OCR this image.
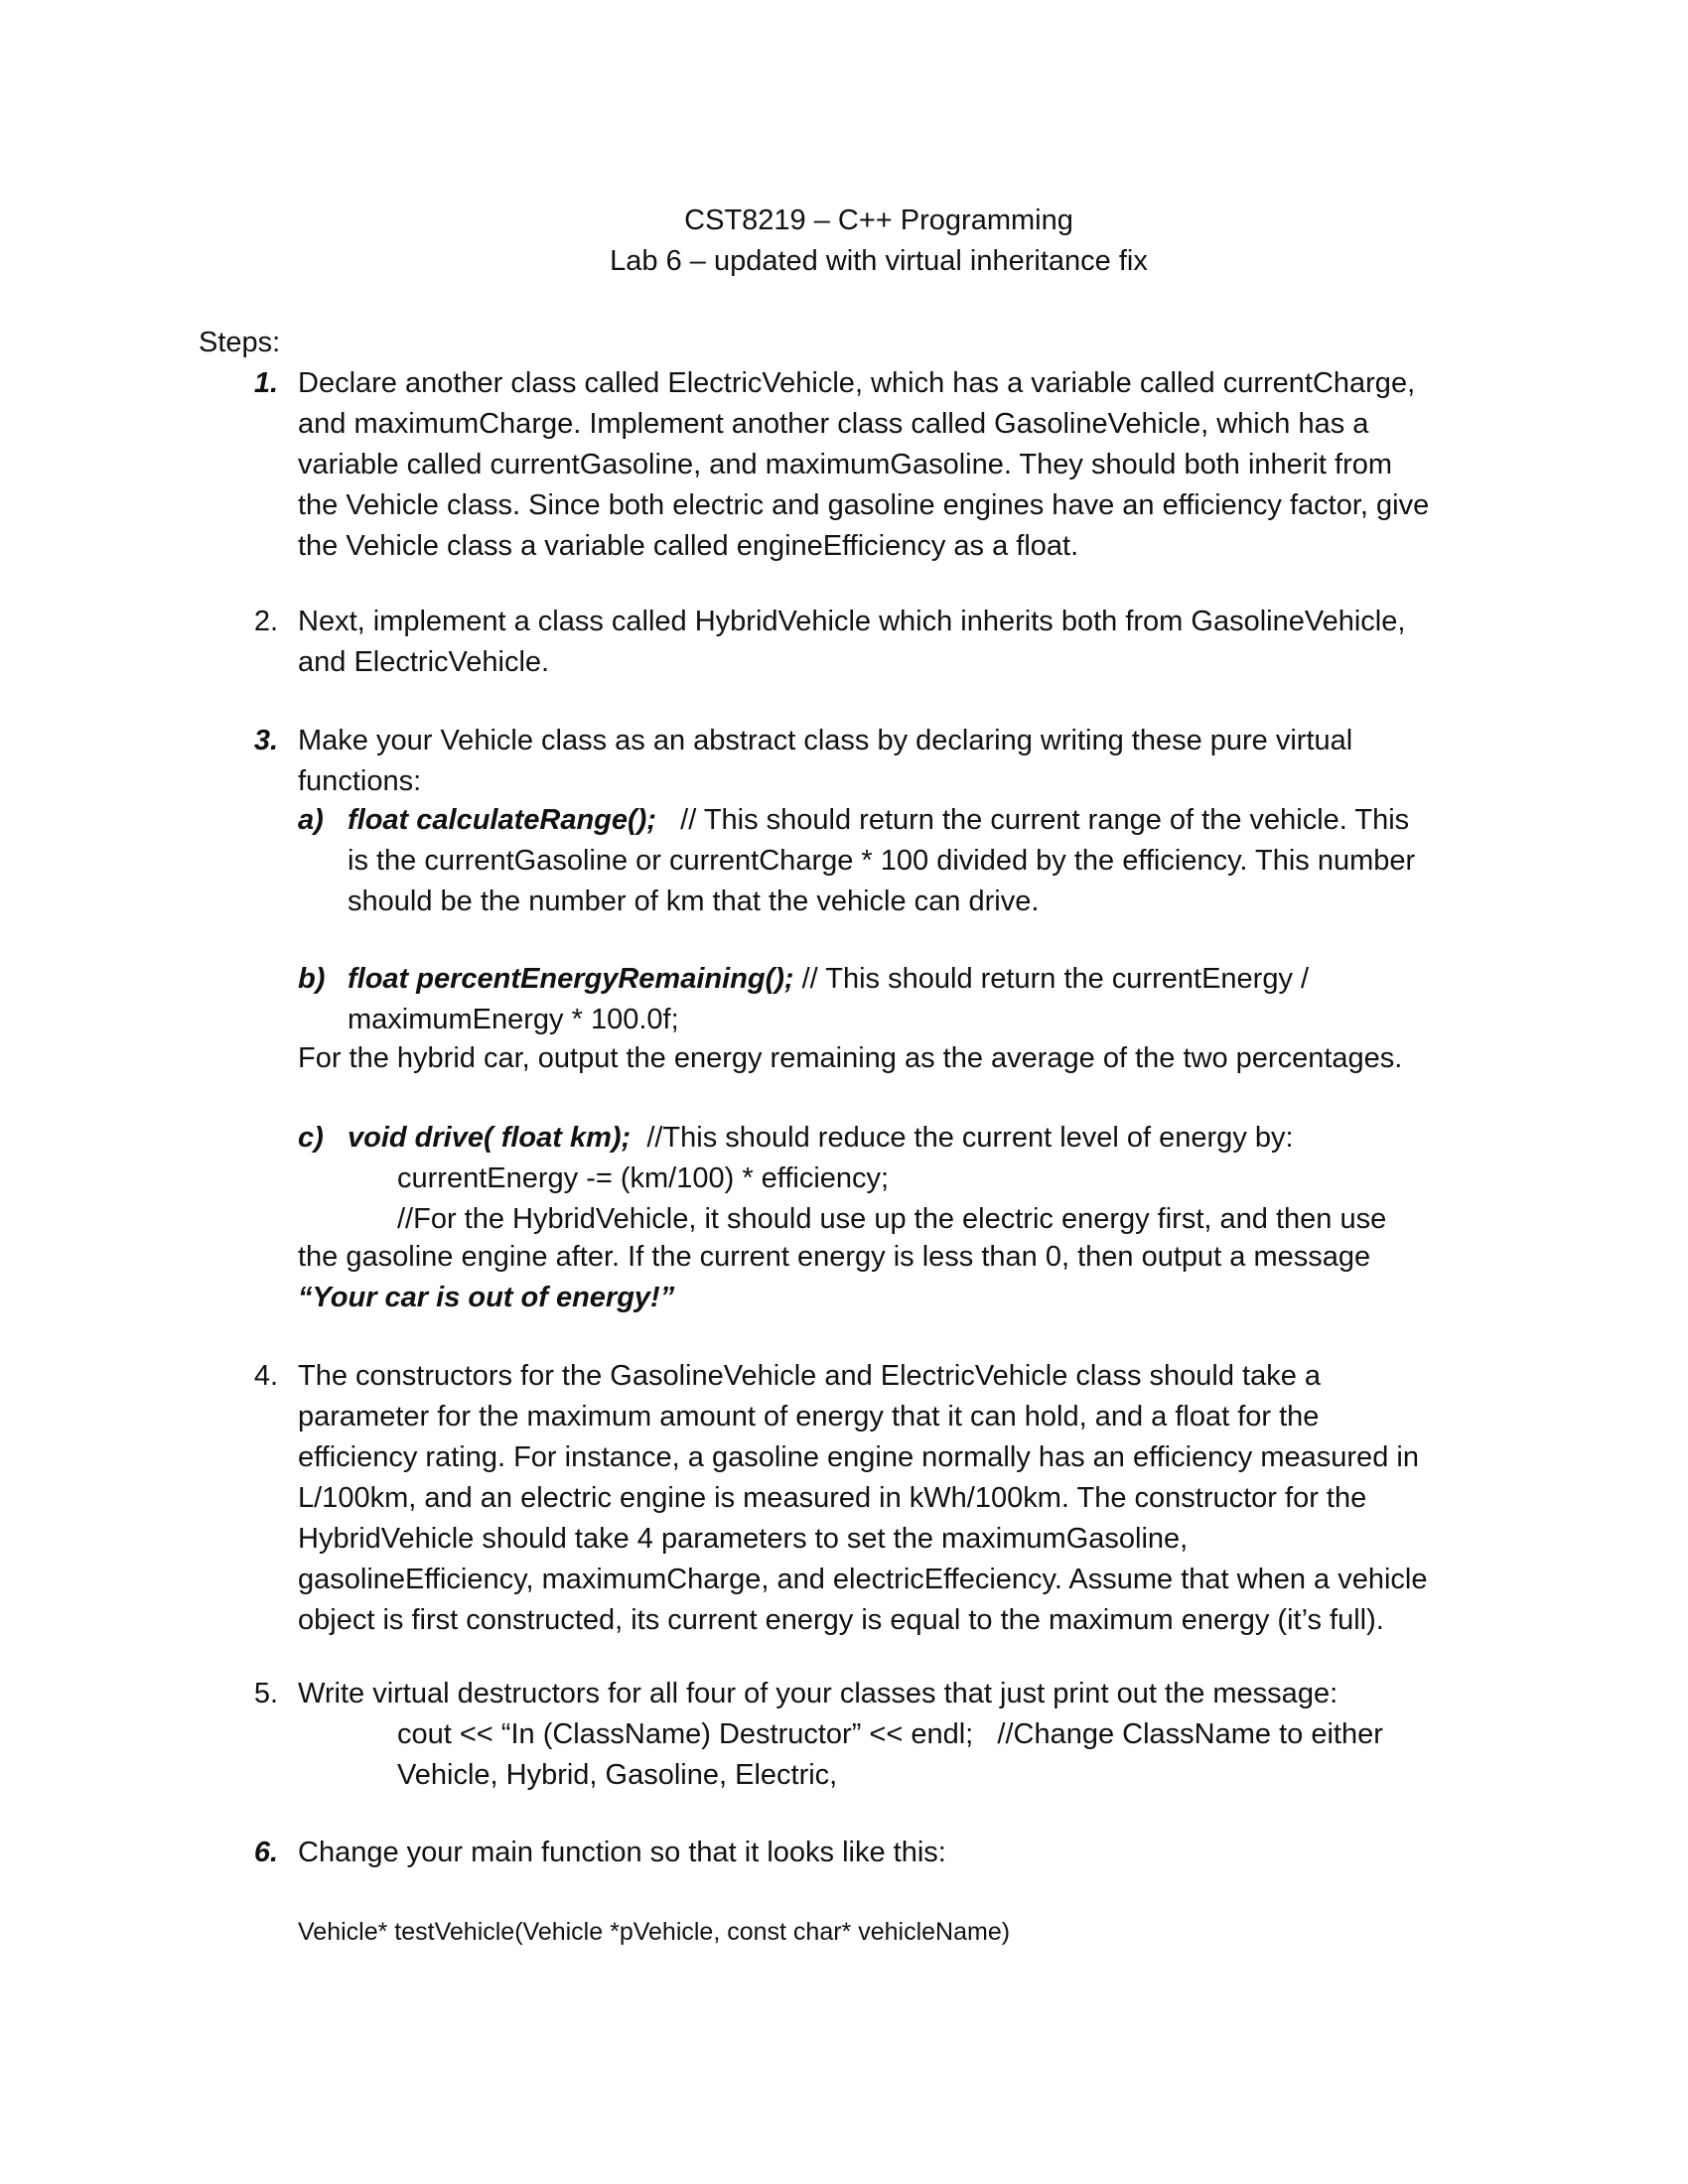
CST8219 – C++ Programming
Lab 6 – updated with virtual inheritance fix
Steps:
1. Declare another class called ElectricVehicle, which has a variable called currentCharge,
and maximumCharge. Implement another class called GasolineVehicle, which has a
variable called currentGasoline, and maximumGasoline. They should both inherit from
the Vehicle class. Since both electric and gasoline engines have an efficiency factor, give
the Vehicle class a variable called engineEfficiency as a float.
2. Next, implement a class called HybridVehicle which inherits both from GasolineVehicle,
and ElectricVehicle.
3. Make your Vehicle class as an abstract class by declaring writing these pure virtual
functions:
a) float calculateRange();   // This should return the current range of the vehicle. This
is the currentGasoline or currentCharge * 100 divided by the efficiency. This number
should be the number of km that the vehicle can drive.
b) float percentEnergyRemaining(); // This should return the currentEnergy /
maximumEnergy * 100.0f;
For the hybrid car, output the energy remaining as the average of the two percentages.
c) void drive( float km);  //This should reduce the current level of energy by:
currentEnergy -= (km/100) * efficiency;
//For the HybridVehicle, it should use up the electric energy first, and then use
the gasoline engine after. If the current energy is less than 0, then output a message
“Your car is out of energy!”
4. The constructors for the GasolineVehicle and ElectricVehicle class should take a
parameter for the maximum amount of energy that it can hold, and a float for the
efficiency rating. For instance, a gasoline engine normally has an efficiency measured in
L/100km, and an electric engine is measured in kWh/100km. The constructor for the
HybridVehicle should take 4 parameters to set the maximumGasoline,
gasolineEfficiency, maximumCharge, and electricEffeciency. Assume that when a vehicle
object is first constructed, its current energy is equal to the maximum energy (it’s full).
5. Write virtual destructors for all four of your classes that just print out the message:
cout << “In (ClassName) Destructor” << endl;   //Change ClassName to either
Vehicle, Hybrid, Gasoline, Electric,
6. Change your main function so that it looks like this:
Vehicle* testVehicle(Vehicle *pVehicle, const char* vehicleName)
